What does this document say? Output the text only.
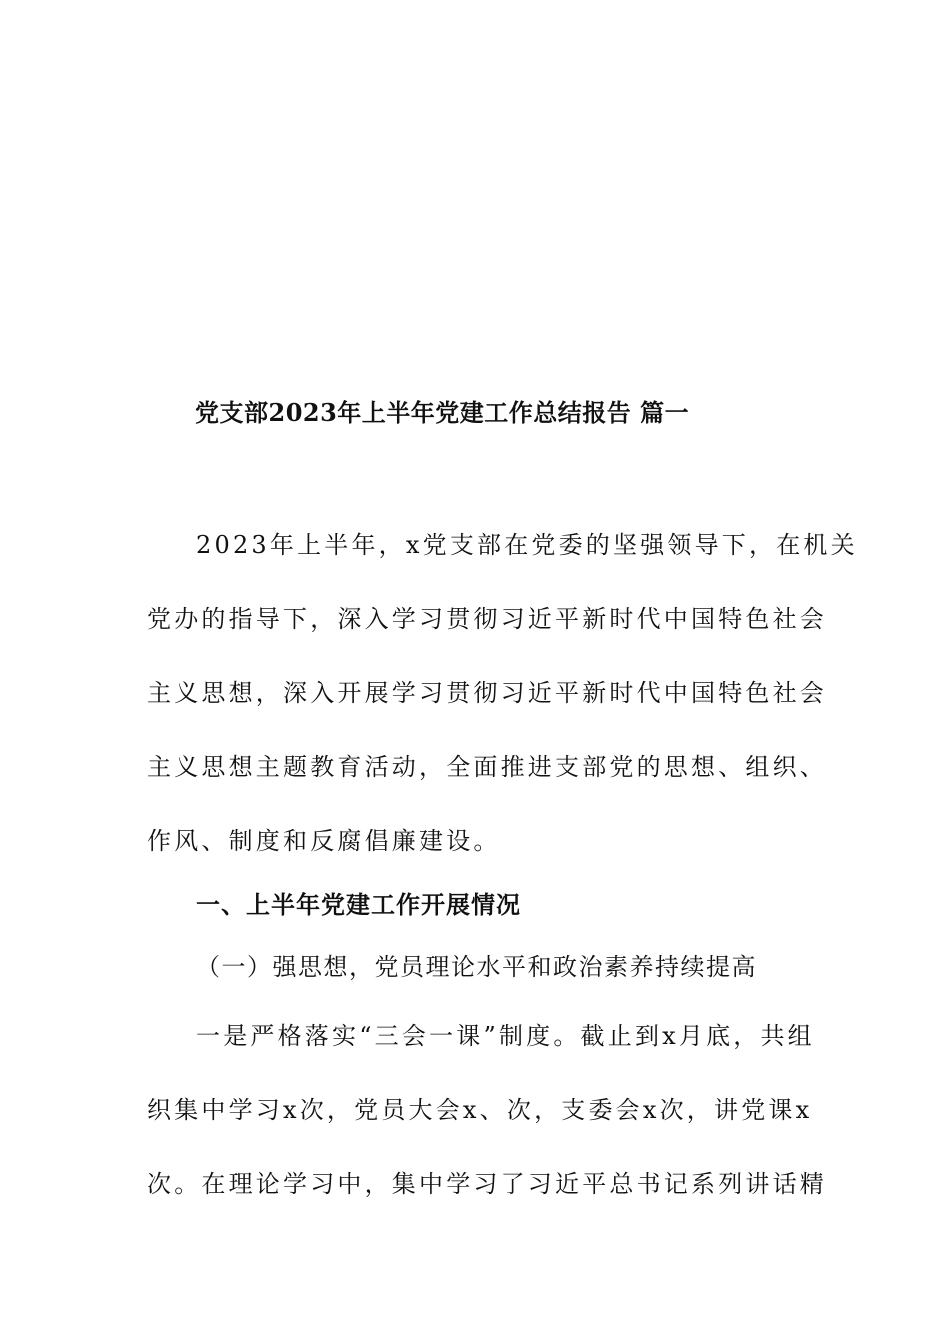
党支部2023年上半年党建工作总结报告 篇一
2023年上半年，x党支部在党委的坚强领导下，在机关
党办的指导下，深入学习贯彻习近平新时代中国特色社会
主义思想，深入开展学习贯彻习近平新时代中国特色社会
主义思想主题教育活动，全面推进支部党的思想、组织、
作风、制度和反腐倡廉建设。
一、上半年党建工作开展情况
（一）强思想，党员理论水平和政治素养持续提高
一是严格落实“三会一课”制度。截止到x月底，共组
织集中学习x次，党员大会x、次，支委会x次，讲党课x
次。在理论学习中，集中学习了习近平总书记系列讲话精
